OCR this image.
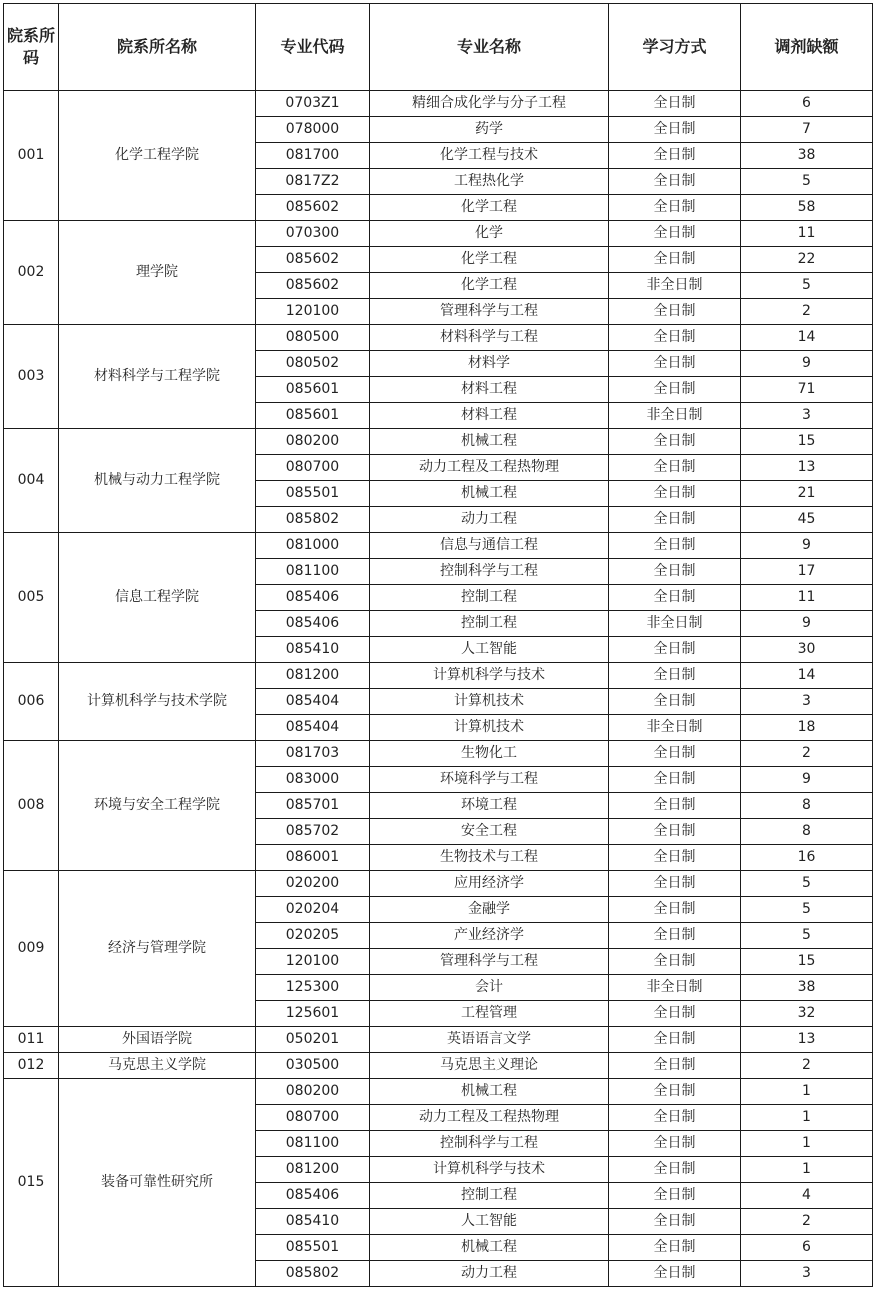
院系所码	院系所名称	专业代码	专业名称	学习方式	调剂缺额
001	化学工程学院	0703Z1	精细合成化学与分子工程	全日制	6
		078000	药学	全日制	7
		081700	化学工程与技术	全日制	38
		0817Z2	工程热化学	全日制	5
		085602	化学工程	全日制	58
002	理学院	070300	化学	全日制	11
		085602	化学工程	全日制	22
		085602	化学工程	非全日制	5
		120100	管理科学与工程	全日制	2
003	材料科学与工程学院	080500	材料科学与工程	全日制	14
		080502	材料学	全日制	9
		085601	材料工程	全日制	71
		085601	材料工程	非全日制	3
004	机械与动力工程学院	080200	机械工程	全日制	15
		080700	动力工程及工程热物理	全日制	13
		085501	机械工程	全日制	21
		085802	动力工程	全日制	45
005	信息工程学院	081000	信息与通信工程	全日制	9
		081100	控制科学与工程	全日制	17
		085406	控制工程	全日制	11
		085406	控制工程	非全日制	9
		085410	人工智能	全日制	30
006	计算机科学与技术学院	081200	计算机科学与技术	全日制	14
		085404	计算机技术	全日制	3
		085404	计算机技术	非全日制	18
008	环境与安全工程学院	081703	生物化工	全日制	2
		083000	环境科学与工程	全日制	9
		085701	环境工程	全日制	8
		085702	安全工程	全日制	8
		086001	生物技术与工程	全日制	16
009	经济与管理学院	020200	应用经济学	全日制	5
		020204	金融学	全日制	5
		020205	产业经济学	全日制	5
		120100	管理科学与工程	全日制	15
		125300	会计	非全日制	38
		125601	工程管理	全日制	32
011	外国语学院	050201	英语语言文学	全日制	13
012	马克思主义学院	030500	马克思主义理论	全日制	2
015	装备可靠性研究所	080200	机械工程	全日制	1
		080700	动力工程及工程热物理	全日制	1
		081100	控制科学与工程	全日制	1
		081200	计算机科学与技术	全日制	1
		085406	控制工程	全日制	4
		085410	人工智能	全日制	2
		085501	机械工程	全日制	6
		085802	动力工程	全日制	3
